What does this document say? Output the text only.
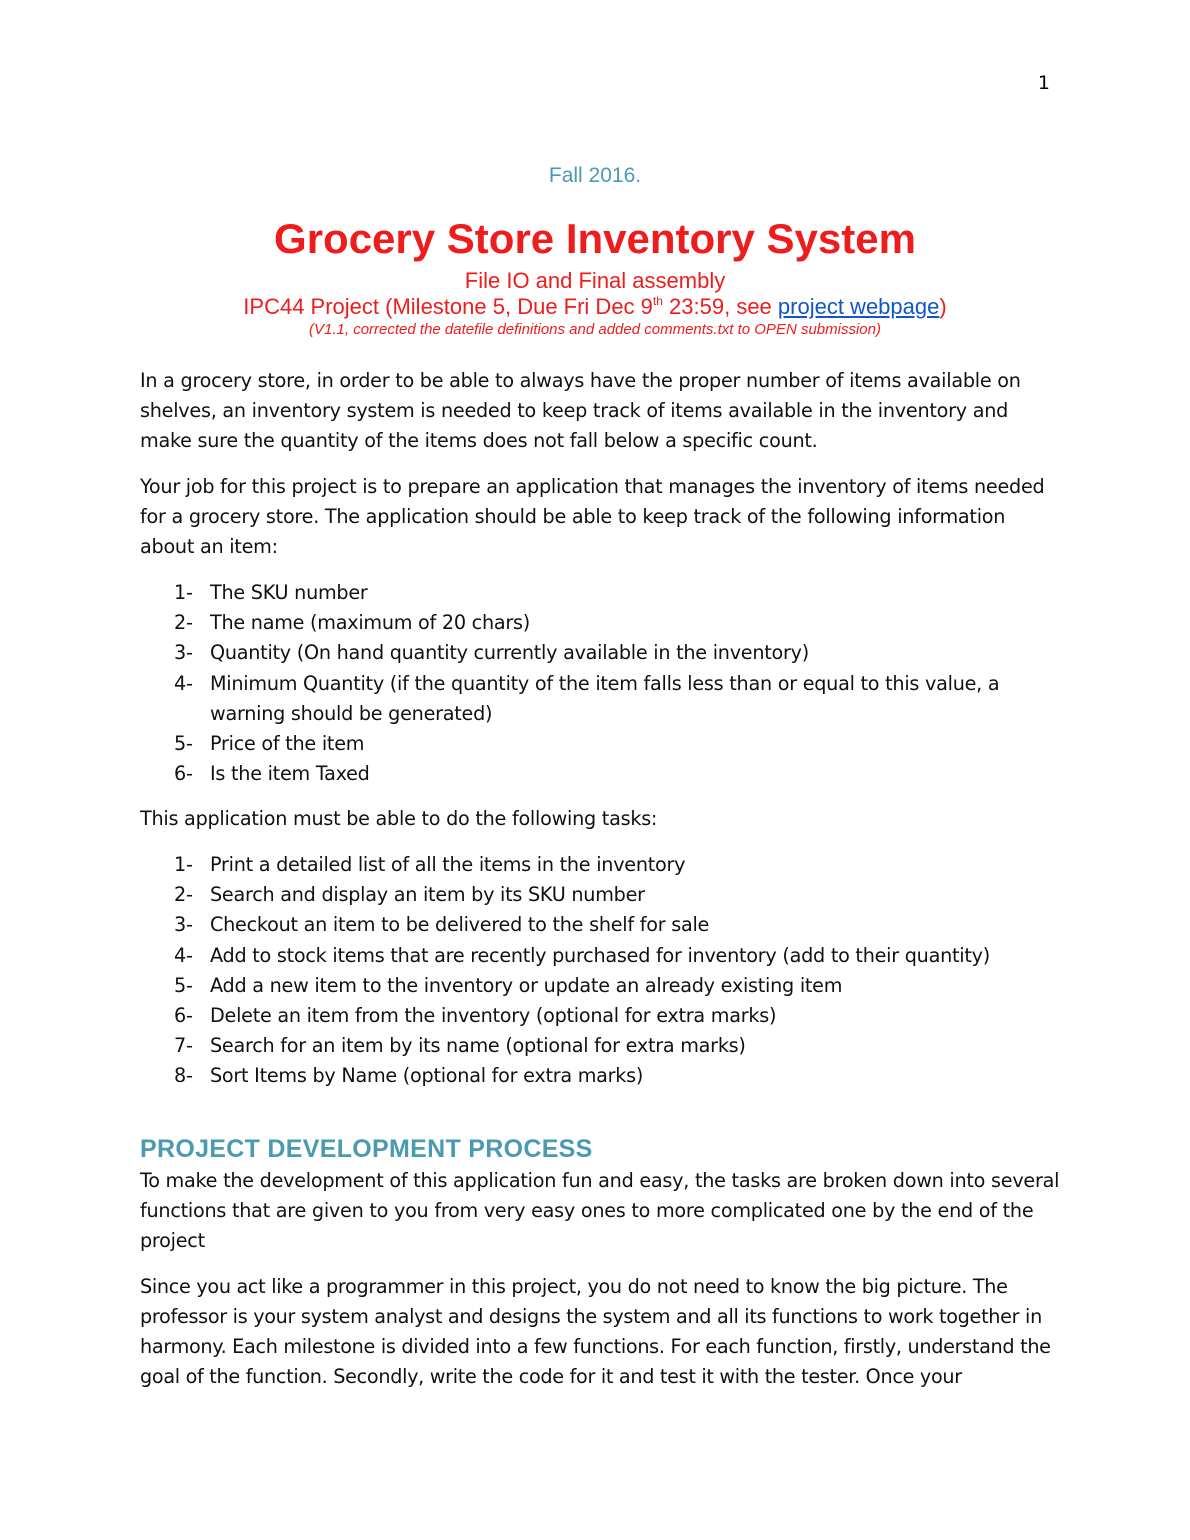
1
Fall 2016.
Grocery Store Inventory System
File IO and Final assembly
IPC44 Project (Milestone 5, Due Fri Dec 9th 23:59, see project webpage)
(V1.1, corrected the datefile definitions and added comments.txt to OPEN submission)

In a grocery store, in order to be able to always have the proper number of items available on shelves, an inventory system is needed to keep track of items available in the inventory and make sure the quantity of the items does not fall below a specific count.

Your job for this project is to prepare an application that manages the inventory of items needed for a grocery store. The application should be able to keep track of the following information about an item:

1- The SKU number
2- The name (maximum of 20 chars)
3- Quantity (On hand quantity currently available in the inventory)
4- Minimum Quantity (if the quantity of the item falls less than or equal to this value, a warning should be generated)
5- Price of the item
6- Is the item Taxed

This application must be able to do the following tasks:

1- Print a detailed list of all the items in the inventory
2- Search and display an item by its SKU number
3- Checkout an item to be delivered to the shelf for sale
4- Add to stock items that are recently purchased for inventory (add to their quantity)
5- Add a new item to the inventory or update an already existing item
6- Delete an item from the inventory (optional for extra marks)
7- Search for an item by its name (optional for extra marks)
8- Sort Items by Name (optional for extra marks)
PROJECT DEVELOPMENT PROCESS

To make the development of this application fun and easy, the tasks are broken down into several functions that are given to you from very easy ones to more complicated one by the end of the project

Since you act like a programmer in this project, you do not need to know the big picture. The professor is your system analyst and designs the system and all its functions to work together in harmony. Each milestone is divided into a few functions. For each function, firstly, understand the goal of the function. Secondly, write the code for it and test it with the tester. Once your
